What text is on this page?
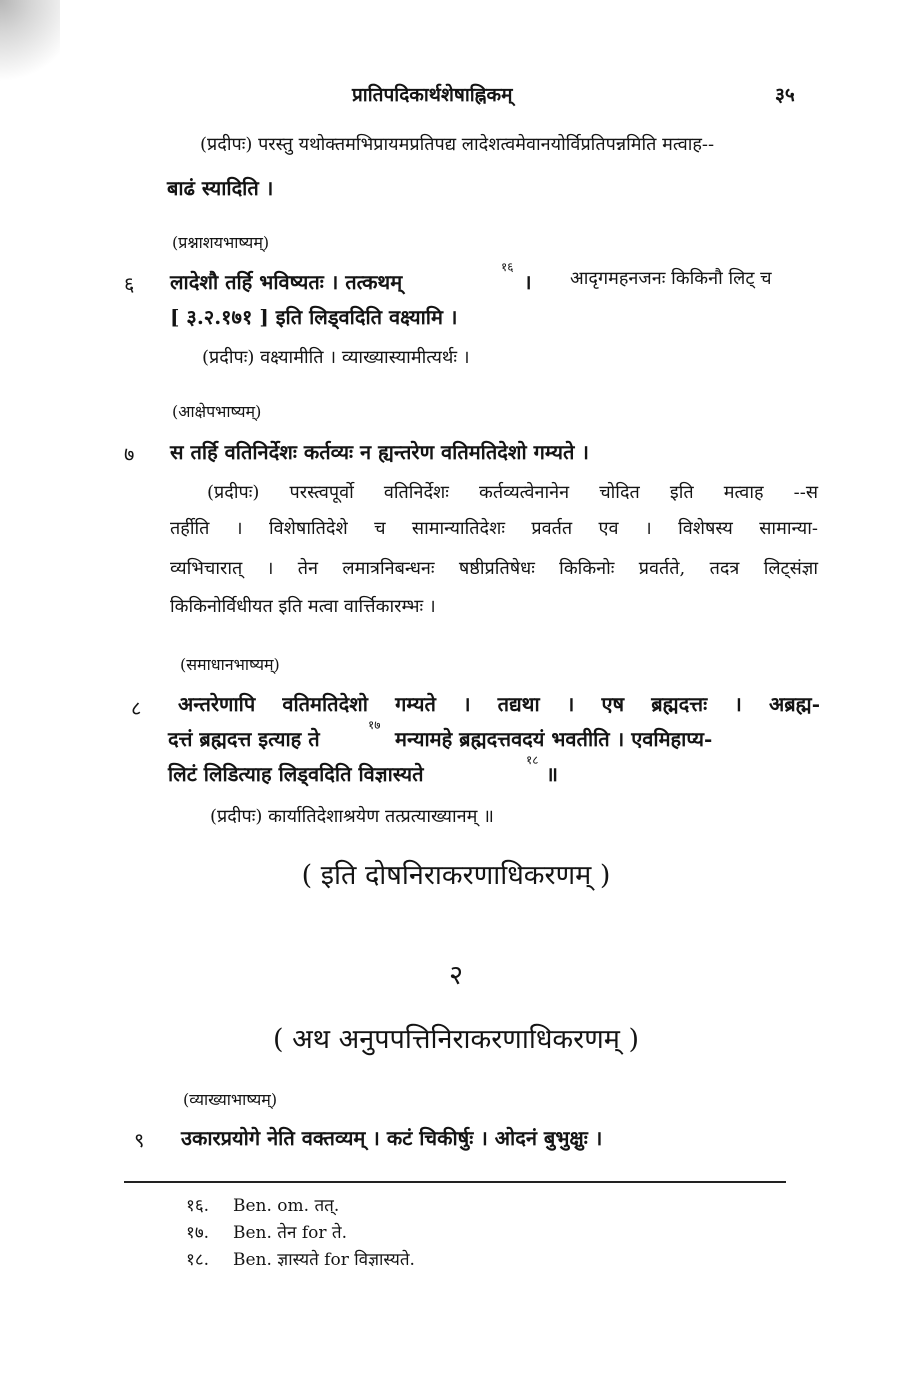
प्रातिपदिकार्थशेषाह्निकम्	३५
(प्रदीपः) परस्तु यथोक्तमभिप्रायमप्रतिपद्य लादेशत्वमेवानयोर्विप्रतिपन्नमिति मत्वाह--
बाढं स्यादिति ।
(प्रश्नाशयभाष्यम्)
६ लादेशौ तर्हि भविष्यतः । तत्कथम्
१६
। आदृगमहनजनः किकिनौ लिट् च
[ ३.२.१७१ ] इति लिड्वदिति वक्ष्यामि ।
(प्रदीपः) वक्ष्यामीति । व्याख्यास्यामीत्यर्थः ।
(आक्षेपभाष्यम्)
७ स तर्हि वतिनिर्देशः कर्तव्यः न ह्यन्तरेण वतिमतिदेशो गम्यते ।
(प्रदीपः) परस्त्वपूर्वो वतिनिर्देशः कर्तव्यत्वेनानेन चोदित इति मत्वाह --स
तर्हीति । विशेषातिदेशे च सामान्यातिदेशः प्रवर्तत एव । विशेषस्य सामान्या-
व्यभिचारात् । तेन लमात्रनिबन्धनः षष्ठीप्रतिषेधः किकिनोः प्रवर्तते, तदत्र लिट्संज्ञा
किकिनोर्विधीयत इति मत्वा वार्त्तिकारम्भः ।
(समाधानभाष्यम्)
८ अन्तरेणापि वतिमतिदेशो गम्यते । तद्यथा । एष ब्रह्मदत्तः । अब्रह्म-
दत्तं ब्रह्मदत्त इत्याह ते
१७
मन्यामहे ब्रह्मदत्तवदयं भवतीति । एवमिहाप्य-
लिटं लिडित्याह लिड्वदिति विज्ञास्यते
१८
॥
(प्रदीपः) कार्यातिदेशाश्रयेण तत्प्रत्याख्यानम् ॥
( इति दोषनिराकरणाधिकरणम् )
२
( अथ अनुपपत्तिनिराकरणाधिकरणम् )
(व्याख्याभाष्यम्)
९ उकारप्रयोगे नेति वक्तव्यम् । कटं चिकीर्षुः । ओदनं बुभुक्षुः ।
१६. Ben. om. तत्.
१७. Ben. तेन for ते.
१८. Ben. ज्ञास्यते for विज्ञास्यते.
